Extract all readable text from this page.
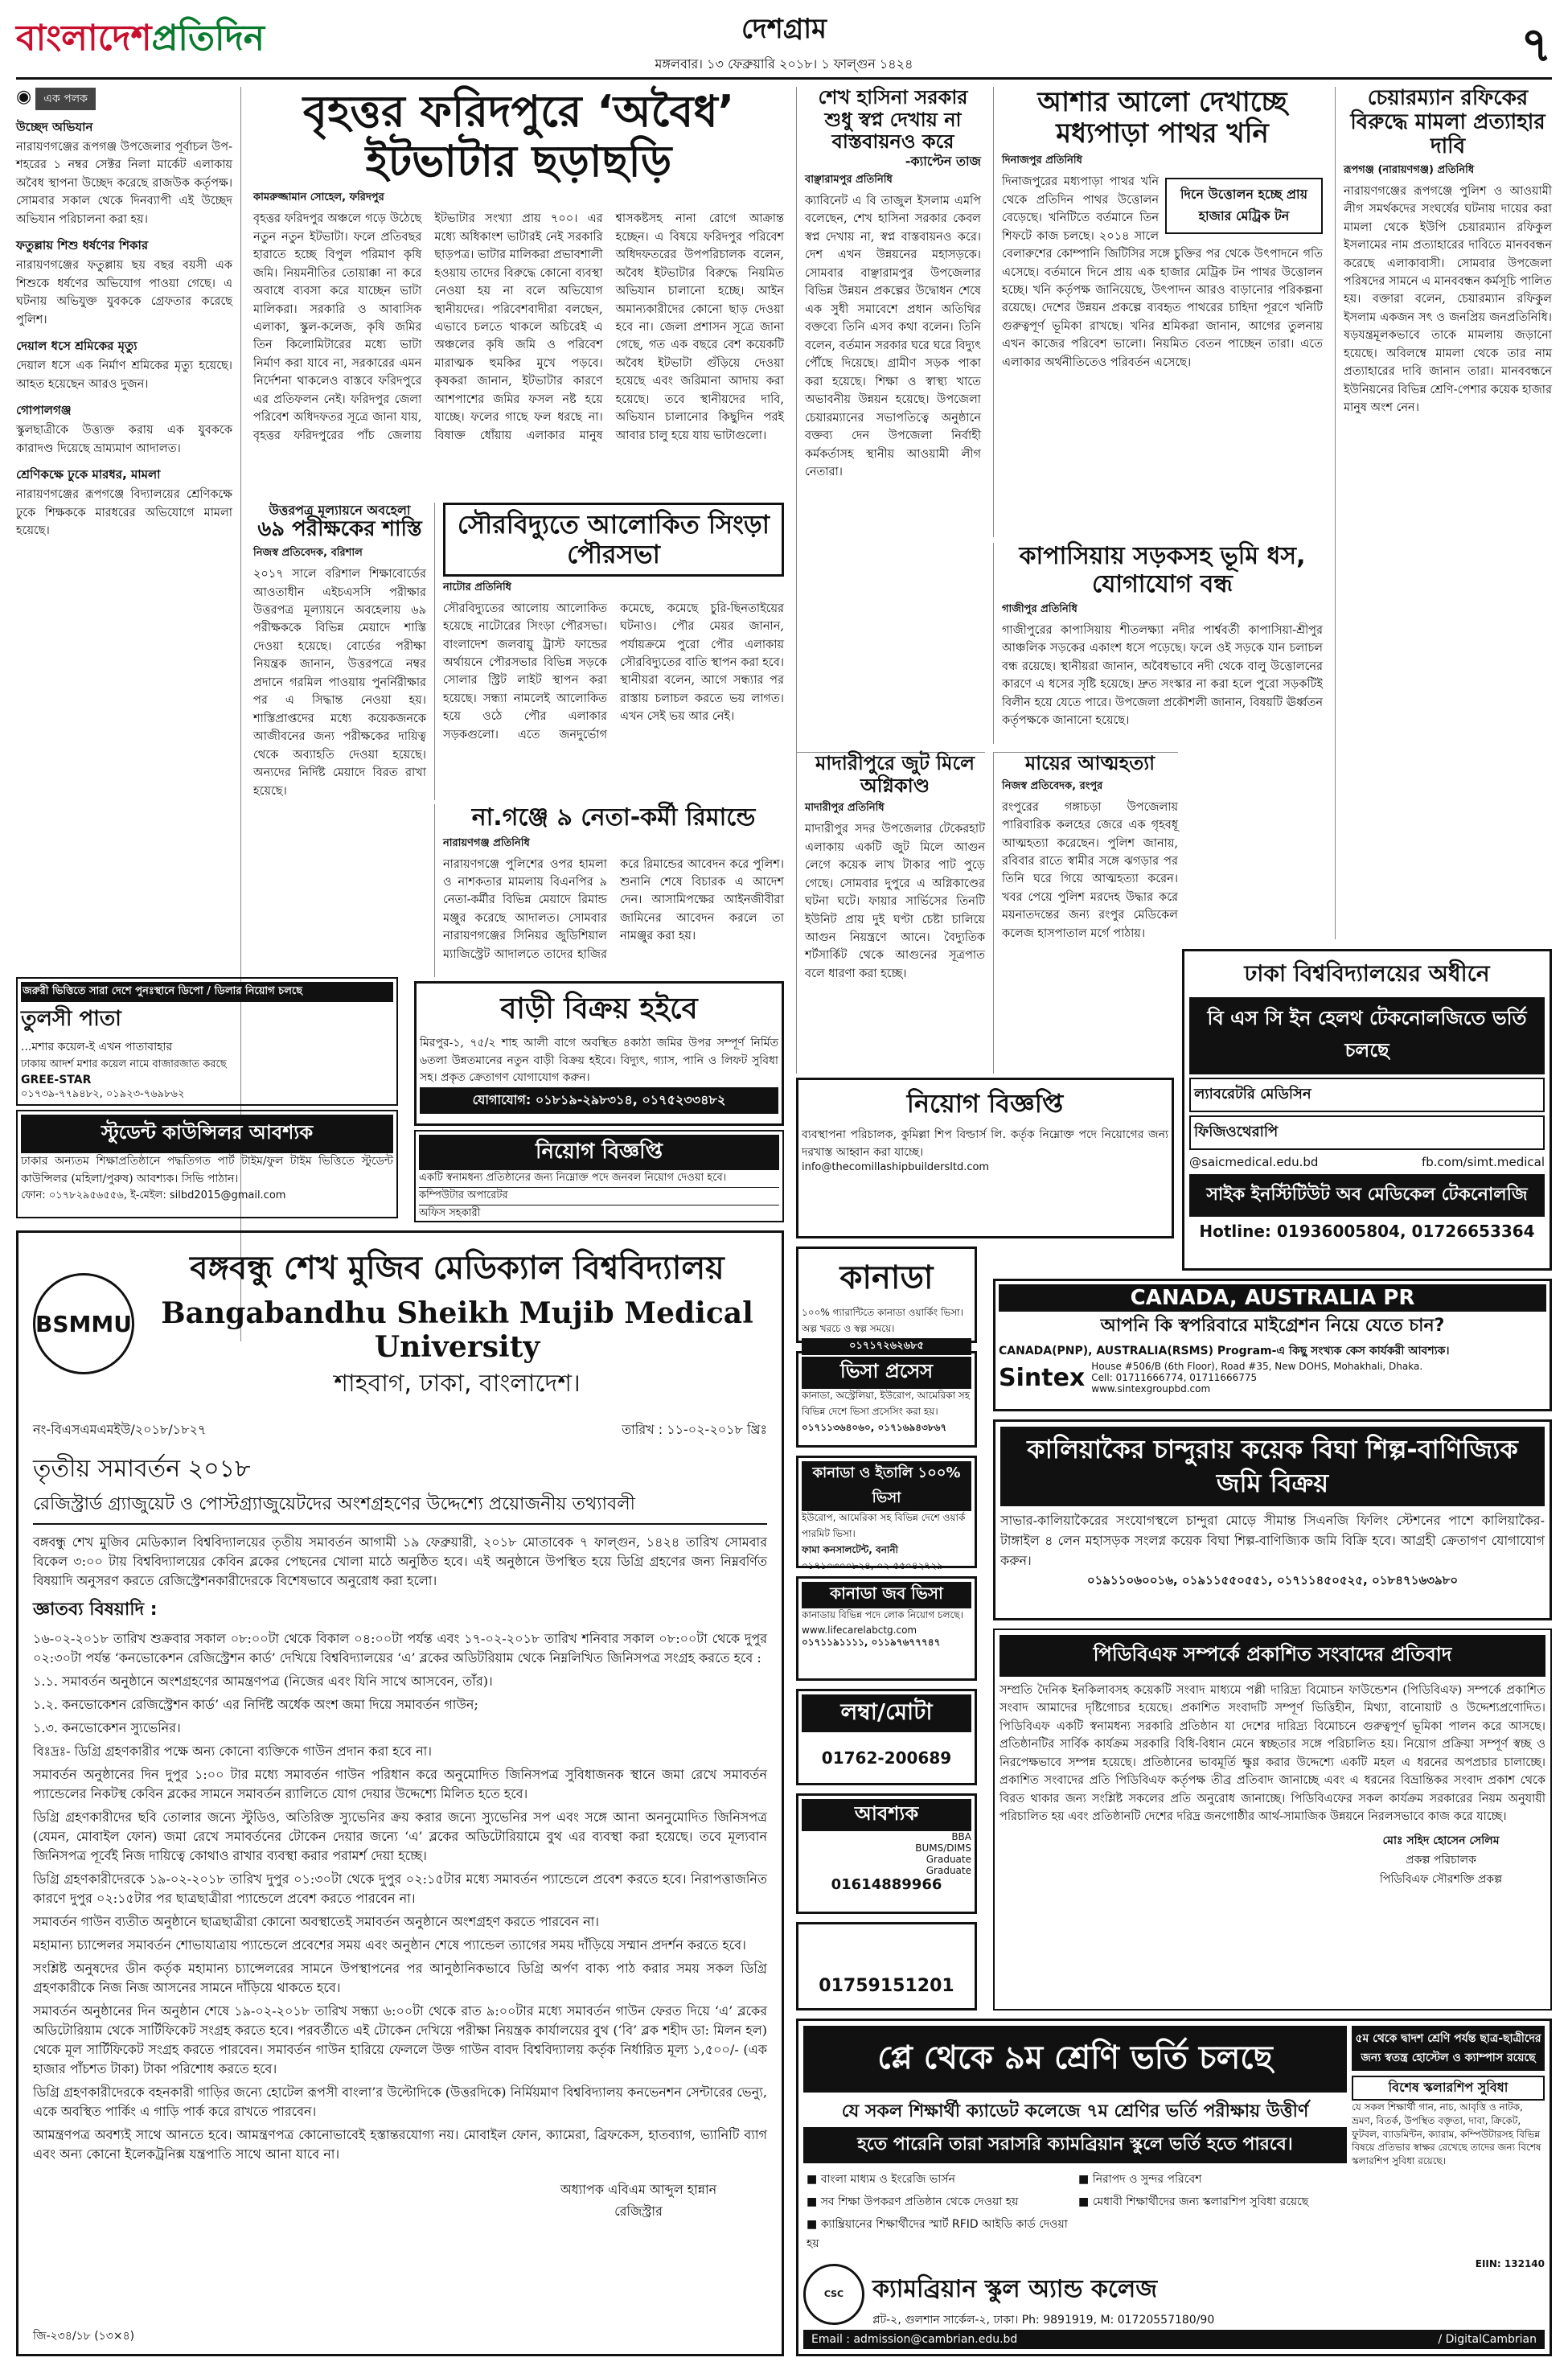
বাংলাদেশপ্রতিদিন	দেশগ্রাম
মঙ্গলবার। ১৩ ফেব্রুয়ারি ২০১৮। ১ ফাল্গুন ১৪২৪	৭
◉ এক পলক
উচ্ছেদ অভিযান
নারায়ণগঞ্জের রূপগঞ্জ উপজেলার পূর্বাচল উপ-শহরের ১ নম্বর সেক্টর নিলা মার্কেট এলাকায় অবৈধ স্থাপনা উচ্ছেদ করেছে রাজউক কর্তৃপক্ষ। সোমবার সকাল থেকে দিনব্যাপী এই উচ্ছেদ অভিযান পরিচালনা করা হয়।
ফতুল্লায় শিশু ধর্ষণের শিকার
নারায়ণগঞ্জের ফতুল্লায় ছয় বছর বয়সী এক শিশুকে ধর্ষণের অভিযোগ পাওয়া গেছে। এ ঘটনায় অভিযুক্ত যুবককে গ্রেফতার করেছে পুলিশ।
দেয়াল ধসে শ্রমিকের মৃত্যু
দেয়াল ধসে এক নির্মাণ শ্রমিকের মৃত্যু হয়েছে। আহত হয়েছেন আরও দুজন।
গোপালগঞ্জ
স্কুলছাত্রীকে উত্ত্যক্ত করায় এক যুবককে কারাদণ্ড দিয়েছে ভ্রাম্যমাণ আদালত।
শ্রেণিকক্ষে ঢুকে মারধর, মামলা
নারায়ণগঞ্জের রূপগঞ্জে বিদ্যালয়ের শ্রেণিকক্ষে ঢুকে শিক্ষককে মারধরের অভিযোগে মামলা হয়েছে।
বৃহত্তর ফরিদপুরে ‘অবৈধ’ ইটভাটার ছড়াছড়ি
কামরুজ্জামান সোহেল, ফরিদপুর
বৃহত্তর ফরিদপুর অঞ্চলে গড়ে উঠেছে নতুন নতুন ইটভাটা। ফলে প্রতিবছর হারাতে হচ্ছে বিপুল পরিমাণ কৃষি জমি। নিয়মনীতির তোয়াক্কা না করে অবাধে ব্যবসা করে যাচ্ছেন ভাটা মালিকরা। সরকারি ও আবাসিক এলাকা, স্কুল-কলেজ, কৃষি জমির তিন কিলোমিটারের মধ্যে ভাটা নির্মাণ করা যাবে না, সরকারের এমন নির্দেশনা থাকলেও বাস্তবে ফরিদপুরে এর প্রতিফলন নেই। ফরিদপুর জেলা পরিবেশ অধিদফতর সূত্রে জানা যায়, বৃহত্তর ফরিদপুরের পাঁচ জেলায় ইটভাটার সংখ্যা প্রায় ৭০০। এর মধ্যে অধিকাংশ ভাটারই নেই সরকারি ছাড়পত্র। ভাটার মালিকরা প্রভাবশালী হওয়ায় তাদের বিরুদ্ধে কোনো ব্যবস্থা নেওয়া হয় না বলে অভিযোগ স্থানীয়দের। পরিবেশবাদীরা বলছেন, এভাবে চলতে থাকলে অচিরেই এ অঞ্চলের কৃষি জমি ও পরিবেশ মারাত্মক হুমকির মুখে পড়বে। কৃষকরা জানান, ইটভাটার কারণে আশপাশের জমির ফসল নষ্ট হয়ে যাচ্ছে। ফলের গাছে ফল ধরছে না। বিষাক্ত ধোঁয়ায় এলাকার মানুষ শ্বাসকষ্টসহ নানা রোগে আক্রান্ত হচ্ছেন। এ বিষয়ে ফরিদপুর পরিবেশ অধিদফতরের উপপরিচালক বলেন, অবৈধ ইটভাটার বিরুদ্ধে নিয়মিত অভিযান চালানো হচ্ছে। আইন অমান্যকারীদের কোনো ছাড় দেওয়া হবে না। জেলা প্রশাসন সূত্রে জানা গেছে, গত এক বছরে বেশ কয়েকটি অবৈধ ইটভাটা গুঁড়িয়ে দেওয়া হয়েছে এবং জরিমানা আদায় করা হয়েছে। তবে স্থানীয়দের দাবি, অভিযান চালানোর কিছুদিন পরই আবার চালু হয়ে যায় ভাটাগুলো।
শেখ হাসিনা সরকার শুধু স্বপ্ন দেখায় না বাস্তবায়নও করে
-ক্যাপ্টেন তাজ
বাঞ্ছারামপুর প্রতিনিধি
ক্যাবিনেট এ বি তাজুল ইসলাম এমপি বলেছেন, শেখ হাসিনা সরকার কেবল স্বপ্ন দেখায় না, স্বপ্ন বাস্তবায়নও করে। দেশ এখন উন্নয়নের মহাসড়কে। সোমবার বাঞ্ছারামপুর উপজেলার বিভিন্ন উন্নয়ন প্রকল্পের উদ্বোধন শেষে এক সুধী সমাবেশে প্রধান অতিথির বক্তব্যে তিনি এসব কথা বলেন। তিনি বলেন, বর্তমান সরকার ঘরে ঘরে বিদ্যুৎ পৌঁছে দিয়েছে। গ্রামীণ সড়ক পাকা করা হয়েছে। শিক্ষা ও স্বাস্থ্য খাতে অভাবনীয় উন্নয়ন হয়েছে। উপজেলা চেয়ারম্যানের সভাপতিত্বে অনুষ্ঠানে বক্তব্য দেন উপজেলা নির্বাহী কর্মকর্তাসহ স্থানীয় আওয়ামী লীগ নেতারা।
আশার আলো দেখাচ্ছে মধ্যপাড়া পাথর খনি
দিনাজপুর প্রতিনিধি
দিনে উত্তোলন হচ্ছে প্রায় হাজার মেট্রিক টন
দিনাজপুরের মধ্যপাড়া পাথর খনি থেকে প্রতিদিন পাথর উত্তোলন বেড়েছে। খনিটিতে বর্তমানে তিন শিফটে কাজ চলছে। ২০১৪ সালে বেলারুশের কোম্পানি জিটিসির সঙ্গে চুক্তির পর থেকে উৎপাদনে গতি এসেছে। বর্তমানে দিনে প্রায় এক হাজার মেট্রিক টন পাথর উত্তোলন হচ্ছে। খনি কর্তৃপক্ষ জানিয়েছে, উৎপাদন আরও বাড়ানোর পরিকল্পনা রয়েছে। দেশের উন্নয়ন প্রকল্পে ব্যবহৃত পাথরের চাহিদা পূরণে খনিটি গুরুত্বপূর্ণ ভূমিকা রাখছে। খনির শ্রমিকরা জানান, আগের তুলনায় এখন কাজের পরিবেশ ভালো। নিয়মিত বেতন পাচ্ছেন তারা। এতে এলাকার অর্থনীতিতেও পরিবর্তন এসেছে।
চেয়ারম্যান রফিকের বিরুদ্ধে মামলা প্রত্যাহার দাবি
রূপগঞ্জ (নারায়ণগঞ্জ) প্রতিনিধি
নারায়ণগঞ্জের রূপগঞ্জে পুলিশ ও আওয়ামী লীগ সমর্থকদের সংঘর্ষের ঘটনায় দায়ের করা মামলা থেকে ইউপি চেয়ারম্যান রফিকুল ইসলামের নাম প্রত্যাহারের দাবিতে মানববন্ধন করেছে এলাকাবাসী। সোমবার উপজেলা পরিষদের সামনে এ মানববন্ধন কর্মসূচি পালিত হয়। বক্তারা বলেন, চেয়ারম্যান রফিকুল ইসলাম একজন সৎ ও জনপ্রিয় জনপ্রতিনিধি। ষড়যন্ত্রমূলকভাবে তাকে মামলায় জড়ানো হয়েছে। অবিলম্বে মামলা থেকে তার নাম প্রত্যাহারের দাবি জানান তারা। মানববন্ধনে ইউনিয়নের বিভিন্ন শ্রেণি-পেশার কয়েক হাজার মানুষ অংশ নেন।
উত্তরপত্র মূল্যায়নে অবহেলা
৬৯ পরীক্ষকের শাস্তি
নিজস্ব প্রতিবেদক, বরিশাল
২০১৭ সালে বরিশাল শিক্ষাবোর্ডের আওতাধীন এইচএসসি পরীক্ষার উত্তরপত্র মূল্যায়নে অবহেলায় ৬৯ পরীক্ষককে বিভিন্ন মেয়াদে শাস্তি দেওয়া হয়েছে। বোর্ডের পরীক্ষা নিয়ন্ত্রক জানান, উত্তরপত্রে নম্বর প্রদানে গরমিল পাওয়ায় পুনর্নিরীক্ষার পর এ সিদ্ধান্ত নেওয়া হয়। শাস্তিপ্রাপ্তদের মধ্যে কয়েকজনকে আজীবনের জন্য পরীক্ষকের দায়িত্ব থেকে অব্যাহতি দেওয়া হয়েছে। অন্যদের নির্দিষ্ট মেয়াদে বিরত রাখা হয়েছে।
সৌরবিদ্যুতে আলোকিত সিংড়া পৌরসভা
নাটোর প্রতিনিধি
সৌরবিদ্যুতের আলোয় আলোকিত হয়েছে নাটোরের সিংড়া পৌরসভা। বাংলাদেশ জলবায়ু ট্রাস্ট ফান্ডের অর্থায়নে পৌরসভার বিভিন্ন সড়কে সোলার স্ট্রিট লাইট স্থাপন করা হয়েছে। সন্ধ্যা নামলেই আলোকিত হয়ে ওঠে পৌর এলাকার সড়কগুলো। এতে জনদুর্ভোগ কমেছে, কমেছে চুরি-ছিনতাইয়ের ঘটনাও। পৌর মেয়র জানান, পর্যায়ক্রমে পুরো পৌর এলাকায় সৌরবিদ্যুতের বাতি স্থাপন করা হবে। স্থানীয়রা বলেন, আগে সন্ধ্যার পর রাস্তায় চলাচল করতে ভয় লাগত। এখন সেই ভয় আর নেই।
না.গঞ্জে ৯ নেতা-কর্মী রিমান্ডে
নারায়ণগঞ্জ প্রতিনিধি
নারায়ণগঞ্জে পুলিশের ওপর হামলা ও নাশকতার মামলায় বিএনপির ৯ নেতা-কর্মীর বিভিন্ন মেয়াদে রিমান্ড মঞ্জুর করেছে আদালত। সোমবার নারায়ণগঞ্জের সিনিয়র জুডিশিয়াল ম্যাজিস্ট্রেট আদালতে তাদের হাজির করে রিমান্ডের আবেদন করে পুলিশ। শুনানি শেষে বিচারক এ আদেশ দেন। আসামিপক্ষের আইনজীবীরা জামিনের আবেদন করলে তা নামঞ্জুর করা হয়।
কাপাসিয়ায় সড়কসহ ভূমি ধস, যোগাযোগ বন্ধ
গাজীপুর প্রতিনিধি
গাজীপুরের কাপাসিয়ায় শীতলক্ষ্যা নদীর পার্শ্ববর্তী কাপাসিয়া-শ্রীপুর আঞ্চলিক সড়কের একাংশ ধসে পড়েছে। ফলে ওই সড়কে যান চলাচল বন্ধ রয়েছে। স্থানীয়রা জানান, অবৈধভাবে নদী থেকে বালু উত্তোলনের কারণে এ ধসের সৃষ্টি হয়েছে। দ্রুত সংস্কার না করা হলে পুরো সড়কটিই বিলীন হয়ে যেতে পারে। উপজেলা প্রকৌশলী জানান, বিষয়টি ঊর্ধ্বতন কর্তৃপক্ষকে জানানো হয়েছে।
মাদারীপুরে জুট মিলে অগ্নিকাণ্ড
মাদারীপুর প্রতিনিধি
মাদারীপুর সদর উপজেলার টেকেরহাট এলাকায় একটি জুট মিলে আগুন লেগে কয়েক লাখ টাকার পাট পুড়ে গেছে। সোমবার দুপুরে এ অগ্নিকাণ্ডের ঘটনা ঘটে। ফায়ার সার্ভিসের তিনটি ইউনিট প্রায় দুই ঘণ্টা চেষ্টা চালিয়ে আগুন নিয়ন্ত্রণে আনে। বৈদ্যুতিক শর্টসার্কিট থেকে আগুনের সূত্রপাত বলে ধারণা করা হচ্ছে।
মায়ের আত্মহত্যা
নিজস্ব প্রতিবেদক, রংপুর
রংপুরের গঙ্গাচড়া উপজেলায় পারিবারিক কলহের জেরে এক গৃহবধূ আত্মহত্যা করেছেন। পুলিশ জানায়, রবিবার রাতে স্বামীর সঙ্গে ঝগড়ার পর তিনি ঘরে গিয়ে আত্মহত্যা করেন। খবর পেয়ে পুলিশ মরদেহ উদ্ধার করে ময়নাতদন্তের জন্য রংপুর মেডিকেল কলেজ হাসপাতাল মর্গে পাঠায়।
ঢাকা বিশ্ববিদ্যালয়ের অধীনে
বি এস সি ইন হেলথ টেকনোলজিতে ভর্তি চলছে
ল্যাবরেটরি মেডিসিন
ফিজিওথেরাপি
@saicmedical.edu.bd	fb.com/simt.medical
সাইক ইনস্টিটিউট অব মেডিকেল টেকনোলজি
Hotline: 01936005804, 01726653364
জরুরী ভিত্তিতে সারা দেশে পুনঃস্থানে ডিপো / ডিলার নিয়োগ চলছে
তুলসী পাতা
...মশার কয়েল-ই এখন পাতাবাহার
ঢাকায় আদর্শ মশার কয়েল নামে বাজারজাত করছে
GREE-STAR
০১৭৩৯-৭৭৯৪৮২, ০১৯২৩-৭৬৯৮৬২
স্টুডেন্ট কাউন্সিলর আবশ্যক
ঢাকার অন্যতম শিক্ষাপ্রতিষ্ঠানে পদ্ধতিগত পার্ট টাইম/ফুল টাইম ভিত্তিতে স্টুডেন্ট কাউন্সিলর (মহিলা/পুরুষ) আবশ্যক। সিভি পাঠান।
ফোন: ০১৭৮২৯৫৬৫৫৬, ই-মেইল: silbd2015@gmail.com
বাড়ী বিক্রয় হইবে
মিরপুর-১, ৭৫/২ শাহ আলী বাগে অবস্থিত ৪কাঠা জমির উপর সম্পূর্ণ নির্মিত ৬তলা উন্নতমানের নতুন বাড়ী বিক্রয় হইবে। বিদ্যুৎ, গ্যাস, পানি ও লিফট সুবিধা সহ। প্রকৃত ক্রেতাগণ যোগাযোগ করুন।
যোগাযোগ: ০১৮১৯-২৯৮৩১৪, ০১৭৫২৩৩৪৮২
নিয়োগ বিজ্ঞপ্তি
একটি স্বনামধন্য প্রতিষ্ঠানের জন্য নিম্নোক্ত পদে জনবল নিয়োগ দেওয়া হবে।
কম্পিউটার অপারেটর
অফিস সহকারী
নিয়োগ বিজ্ঞপ্তি
ব্যবস্থাপনা পরিচালক, কুমিল্লা শিপ বিল্ডার্স লি. কর্তৃক নিম্নোক্ত পদে নিয়োগের জন্য দরখাস্ত আহ্বান করা যাচ্ছে।
info@thecomillashipbuildersltd.com
কানাডা
১০০% গ্যারান্টিতে কানাডা ওয়ার্কিং ভিসা। অল্প খরচে ও স্বল্প সময়ে।
০১৭১৭২৬২৬৮৫
CANADA, AUSTRALIA PR
আপনি কি স্বপরিবারে মাইগ্রেশন নিয়ে যেতে চান?
CANADA(PNP), AUSTRALIA(RSMS) Program-এ কিছু সংখ্যক কেস কার্যকরী আবশ্যক।
Sintex House #506/B (6th Floor), Road #35, New DOHS, Mohakhali, Dhaka.
Cell: 01711666774, 01711666775
www.sintexgroupbd.com
কালিয়াকৈর চান্দুরায় কয়েক বিঘা শিল্প-বাণিজ্যিক জমি বিক্রয়
সাভার-কালিয়াকৈরের সংযোগস্থলে চান্দুরা মোড়ে সীমান্ত সিএনজি ফিলিং স্টেশনের পাশে কালিয়াকৈর-টাঙ্গাইল ৪ লেন মহাসড়ক সংলগ্ন কয়েক বিঘা শিল্প-বাণিজ্যিক জমি বিক্রি হবে। আগ্রহী ক্রেতাগণ যোগাযোগ করুন।
০১৯১১০৬০০১৬, ০১৯১১৫৫০৫৫১, ০১৭১১৪৫০৫২৫, ০১৮৪৭১৬৩৯৮০
ভিসা প্রসেস
কানাডা, অস্ট্রেলিয়া, ইউরোপ, আমেরিকা সহ বিভিন্ন দেশে ভিসা প্রসেসিং করা হয়।
০১৭১১৩৬৪০৬০, ০১৭১৬৯৪৩৮৬৭
কানাডা ও ইতালি ১০০% ভিসা
ইউরোপ, আমেরিকা সহ বিভিন্ন দেশে ওয়ার্ক পারমিট ভিসা।
ফামা কনসালটেন্ট, বনানী
০১৭১০৩০০৮২৪, ০২-৫৫০৪২৭২৯
কানাডা জব ভিসা
কানাডায় বিভিন্ন পদে লোক নিয়োগ চলছে।
www.lifecarelabctg.com
০১৭১১৯১১১১, ০১১৯৭৬৭৭৭৪৭
লম্বা/মোটা
01762-200689
আবশ্যক
BBA
BUMS/DIMS
Graduate
Graduate
01614889966
01759151201
পিডিবিএফ সম্পর্কে প্রকাশিত সংবাদের প্রতিবাদ
সম্প্রতি দৈনিক ইনকিলাবসহ কয়েকটি সংবাদ মাধ্যমে পল্লী দারিদ্র্য বিমোচন ফাউন্ডেশন (পিডিবিএফ) সম্পর্কে প্রকাশিত সংবাদ আমাদের দৃষ্টিগোচর হয়েছে। প্রকাশিত সংবাদটি সম্পূর্ণ ভিত্তিহীন, মিথ্যা, বানোয়াট ও উদ্দেশ্যপ্রণোদিত। পিডিবিএফ একটি স্বনামধন্য সরকারি প্রতিষ্ঠান যা দেশের দারিদ্র্য বিমোচনে গুরুত্বপূর্ণ ভূমিকা পালন করে আসছে। প্রতিষ্ঠানটির সার্বিক কার্যক্রম সরকারি বিধি-বিধান মেনে স্বচ্ছতার সঙ্গে পরিচালিত হয়। নিয়োগ প্রক্রিয়া সম্পূর্ণ স্বচ্ছ ও নিরপেক্ষভাবে সম্পন্ন হয়েছে। প্রতিষ্ঠানের ভাবমূর্তি ক্ষুণ্ণ করার উদ্দেশ্যে একটি মহল এ ধরনের অপপ্রচার চালাচ্ছে। প্রকাশিত সংবাদের প্রতি পিডিবিএফ কর্তৃপক্ষ তীব্র প্রতিবাদ জানাচ্ছে এবং এ ধরনের বিভ্রান্তিকর সংবাদ প্রকাশ থেকে বিরত থাকার জন্য সংশ্লিষ্ট সকলের প্রতি অনুরোধ জানাচ্ছে। পিডিবিএফের সকল কার্যক্রম সরকারের নিয়ম অনুযায়ী পরিচালিত হয় এবং প্রতিষ্ঠানটি দেশের দরিদ্র জনগোষ্ঠীর আর্থ-সামাজিক উন্নয়নে নিরলসভাবে কাজ করে যাচ্ছে।
মোঃ সহিদ হোসেন সেলিম
প্রকল্প পরিচালক
পিডিবিএফ সৌরশক্তি প্রকল্প
BSMMU
বঙ্গবন্ধু শেখ মুজিব মেডিক্যাল বিশ্ববিদ্যালয়
Bangabandhu Sheikh Mujib Medical University
শাহবাগ, ঢাকা, বাংলাদেশ।
নং-বিএসএমএমইউ/২০১৮/১৮২৭	তারিখ : ১১-০২-২০১৮ খ্রিঃ
তৃতীয় সমাবর্তন ২০১৮
রেজিস্ট্রার্ড গ্র্যাজুয়েট ও পোস্টগ্র্যাজুয়েটদের অংশগ্রহণের উদ্দেশ্যে প্রয়োজনীয় তথ্যাবলী
বঙ্গবন্ধু শেখ মুজিব মেডিক্যাল বিশ্ববিদ্যালয়ের তৃতীয় সমাবর্তন আগামী ১৯ ফেব্রুয়ারী, ২০১৮ মোতাবেক ৭ ফাল্গুন, ১৪২৪ তারিখ সোমবার বিকেল ৩:০০ টায় বিশ্ববিদ্যালয়ের কেবিন ব্লকের পেছনের খোলা মাঠে অনুষ্ঠিত হবে। এই অনুষ্ঠানে উপস্থিত হয়ে ডিগ্রি গ্রহণের জন্য নিম্নবর্ণিত বিষয়াদি অনুসরণ করতে রেজিস্ট্রেশনকারীদেরকে বিশেষভাবে অনুরোধ করা হলো।
জ্ঞাতব্য বিষয়াদি :
১৬-০২-২০১৮ তারিখ শুক্রবার সকাল ০৮:০০টা থেকে বিকাল ০৪:০০টা পর্যন্ত এবং ১৭-০২-২০১৮ তারিখ শনিবার সকাল ০৮:০০টা থেকে দুপুর ০২:৩০টা পর্যন্ত ‘কনভোকেশন রেজিস্ট্রেশন কার্ড’ দেখিয়ে বিশ্ববিদ্যালয়ের ‘এ’ ব্লকের অডিটরিয়াম থেকে নিম্নলিখিত জিনিসপত্র সংগ্রহ করতে হবে :
১.১. সমাবর্তন অনুষ্ঠানে অংশগ্রহণের আমন্ত্রণপত্র (নিজের এবং যিনি সাথে আসবেন, তাঁর)।
১.২. কনভোকেশন রেজিস্ট্রেশন কার্ড’ এর নির্দিষ্ট অর্ধেক অংশ জমা দিয়ে সমাবর্তন গাউন;
১.৩. কনভোকেশন স্যুভেনির।
বিঃদ্রঃ- ডিগ্রি গ্রহণকারীর পক্ষে অন্য কোনো ব্যক্তিকে গাউন প্রদান করা হবে না।
সমাবর্তন অনুষ্ঠানের দিন দুপুর ১:০০ টার মধ্যে সমাবর্তন গাউন পরিধান করে অনুমোদিত জিনিসপত্র সুবিধাজনক স্থানে জমা রেখে সমাবর্তন প্যান্ডেলের নিকটস্থ কেবিন ব্লকের সামনে সমাবর্তন র‍্যালিতে যোগ দেয়ার উদ্দেশ্যে মিলিত হতে হবে।
ডিগ্রি গ্রহণকারীদের ছবি তোলার জন্যে স্টুডিও, অতিরিক্ত স্যুভেনির ক্রয় করার জন্যে স্যুভেনির সপ এবং সঙ্গে আনা অননুমোদিত জিনিসপত্র (যেমন, মোবাইল ফোন) জমা রেখে সমাবর্তনের টোকেন দেয়ার জন্যে ‘এ’ ব্লকের অডিটোরিয়ামে বুথ এর ব্যবস্থা করা হয়েছে। তবে মূল্যবান জিনিসপত্র পূর্বেই নিজ দায়িত্বে কোথাও রাখার ব্যবস্থা করার পরামর্শ দেয়া হচ্ছে।
ডিগ্রি গ্রহণকারীদেরকে ১৯-০২-২০১৮ তারিখ দুপুর ০১:৩০টা থেকে দুপুর ০২:১৫টার মধ্যে সমাবর্তন প্যান্ডেলে প্রবেশ করতে হবে। নিরাপত্তাজনিত কারণে দুপুর ০২:১৫টার পর ছাত্রছাত্রীরা প্যান্ডেলে প্রবেশ করতে পারবেন না।
সমাবর্তন গাউন ব্যতীত অনুষ্ঠানে ছাত্রছাত্রীরা কোনো অবস্থাতেই সমাবর্তন অনুষ্ঠানে অংশগ্রহণ করতে পারবেন না।
মহামান্য চ্যান্সেলর সমাবর্তন শোভাযাত্রায় প্যান্ডেলে প্রবেশের সময় এবং অনুষ্ঠান শেষে প্যান্ডেল ত্যাগের সময় দাঁড়িয়ে সম্মান প্রদর্শন করতে হবে।
সংশ্লিষ্ট অনুষদের ডীন কর্তৃক মহামান্য চ্যান্সেলরের সামনে উপস্থাপনের পর আনুষ্ঠানিকভাবে ডিগ্রি অর্পণ বাক্য পাঠ করার সময় সকল ডিগ্রি গ্রহণকারীকে নিজ নিজ আসনের সামনে দাঁড়িয়ে থাকতে হবে।
সমাবর্তন অনুষ্ঠানের দিন অনুষ্ঠান শেষে ১৯-০২-২০১৮ তারিখ সন্ধ্যা ৬:০০টা থেকে রাত ৯:০০টার মধ্যে সমাবর্তন গাউন ফেরত দিয়ে ‘এ’ ব্লকের অডিটোরিয়াম থেকে সার্টিফিকেট সংগ্রহ করতে হবে। পরবর্তীতে এই টোকেন দেখিয়ে পরীক্ষা নিয়ন্ত্রক কার্যালয়ের বুথ (‘বি’ ব্লক শহীদ ডা: মিলন হল) থেকে মূল সার্টিফিকেট সংগ্রহ করতে পারবেন। সমাবর্তন গাউন হারিয়ে ফেললে উক্ত গাউন বাবদ বিশ্ববিদ্যালয় কর্তৃক নির্ধারিত মূল্য ১,৫০০/- (এক হাজার পাঁচশত টাকা) টাকা পরিশোধ করতে হবে।
ডিগ্রি গ্রহণকারীদেরকে বহনকারী গাড়ির জন্যে হোটেল রূপসী বাংলা’র উল্টোদিকে (উত্তরদিকে) নির্মিয়মাণ বিশ্ববিদ্যালয় কনভেনশন সেন্টারের ভেন্যু, একে অবস্থিত পার্কিং এ গাড়ি পার্ক করে রাখতে পারবেন।
আমন্ত্রণপত্র অবশ্যই সাথে আনতে হবে। আমন্ত্রণপত্র কোনোভাবেই হস্তান্তরযোগ্য নয়। মোবাইল ফোন, ক্যামেরা, ব্রিফকেস, হাতব্যাগ, ভ্যানিটি ব্যাগ এবং অন্য কোনো ইলেকট্রনিক্স যন্ত্রপাতি সাথে আনা যাবে না।
অধ্যাপক এবিএম আব্দুল হান্নান
রেজিস্ট্রার
জি-২৩৪/১৮ (১৩×৪)
প্লে থেকে ৯ম শ্রেণি ভর্তি চলছে
যে সকল শিক্ষার্থী ক্যাডেট কলেজে ৭ম শ্রেণির ভর্তি পরীক্ষায় উত্তীর্ণ
হতে পারেনি তারা সরাসরি ক্যামব্রিয়ান স্কুলে ভর্তি হতে পারবে।
■ বাংলা মাধ্যম ও ইংরেজি ভার্সন	■ নিরাপদ ও সুন্দর পরিবেশ
■ সব শিক্ষা উপকরণ প্রতিষ্ঠান থেকে দেওয়া হয়	■ মেধাবী শিক্ষার্থীদের জন্য স্কলারশিপ সুবিধা রয়েছে
■ ক্যাম্ব্রিয়ানের শিক্ষার্থীদের স্মার্ট RFID আইডি কার্ড দেওয়া হয়
৫ম থেকে দ্বাদশ শ্রেণি পর্যন্ত ছাত্র-ছাত্রীদের জন্য স্বতন্ত্র হোস্টেল ও ক্যাম্পাস রয়েছে
বিশেষ স্কলারশিপ সুবিধা
যে সকল শিক্ষার্থী গান, নাচ, আবৃত্তি ও নাটক, ভ্রমণ, বিতর্ক, উপস্থিত বক্তৃতা, দাবা, ক্রিকেট, ফুটবল, ব্যাডমিন্টন, ক্যারাম, কম্পিউটারসহ বিভিন্ন বিষয়ে প্রতিভার স্বাক্ষর রেখেছে তাদের জন্য বিশেষ স্কলারশিপ সুবিধা রয়েছে।
CSC
EIIN: 132140
ক্যামব্রিয়ান স্কুল অ্যান্ড কলেজ
প্লট-২, গুলশান সার্কেল-২, ঢাকা। Ph: 9891919, M: 01720557180/90
Email : admission@cambrian.edu.bd	/ DigitalCambrian
